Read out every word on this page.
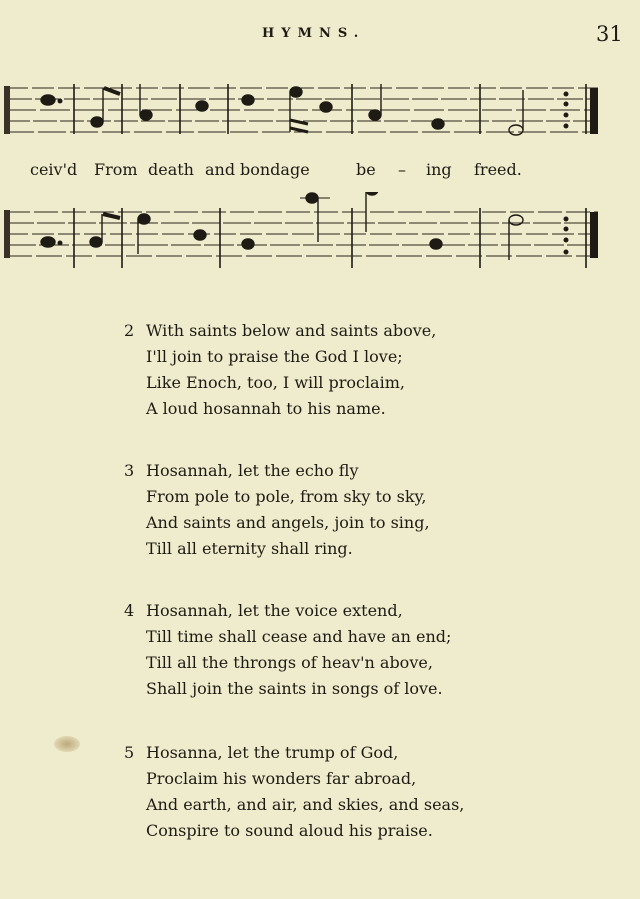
HYMNS.	31
ceiv'd From death and bondage	be – ing freed.
2 With saints below and saints above,
I'll join to praise the God I love;
Like Enoch, too, I will proclaim,
A loud hosannah to his name.
3 Hosannah, let the echo fly
From pole to pole, from sky to sky,
And saints and angels, join to sing,
Till all eternity shall ring.
4 Hosannah, let the voice extend,
Till time shall cease and have an end;
Till all the throngs of heav'n above,
Shall join the saints in songs of love.
5 Hosanna, let the trump of God,
Proclaim his wonders far abroad,
And earth, and air, and skies, and seas,
Conspire to sound aloud his praise.
